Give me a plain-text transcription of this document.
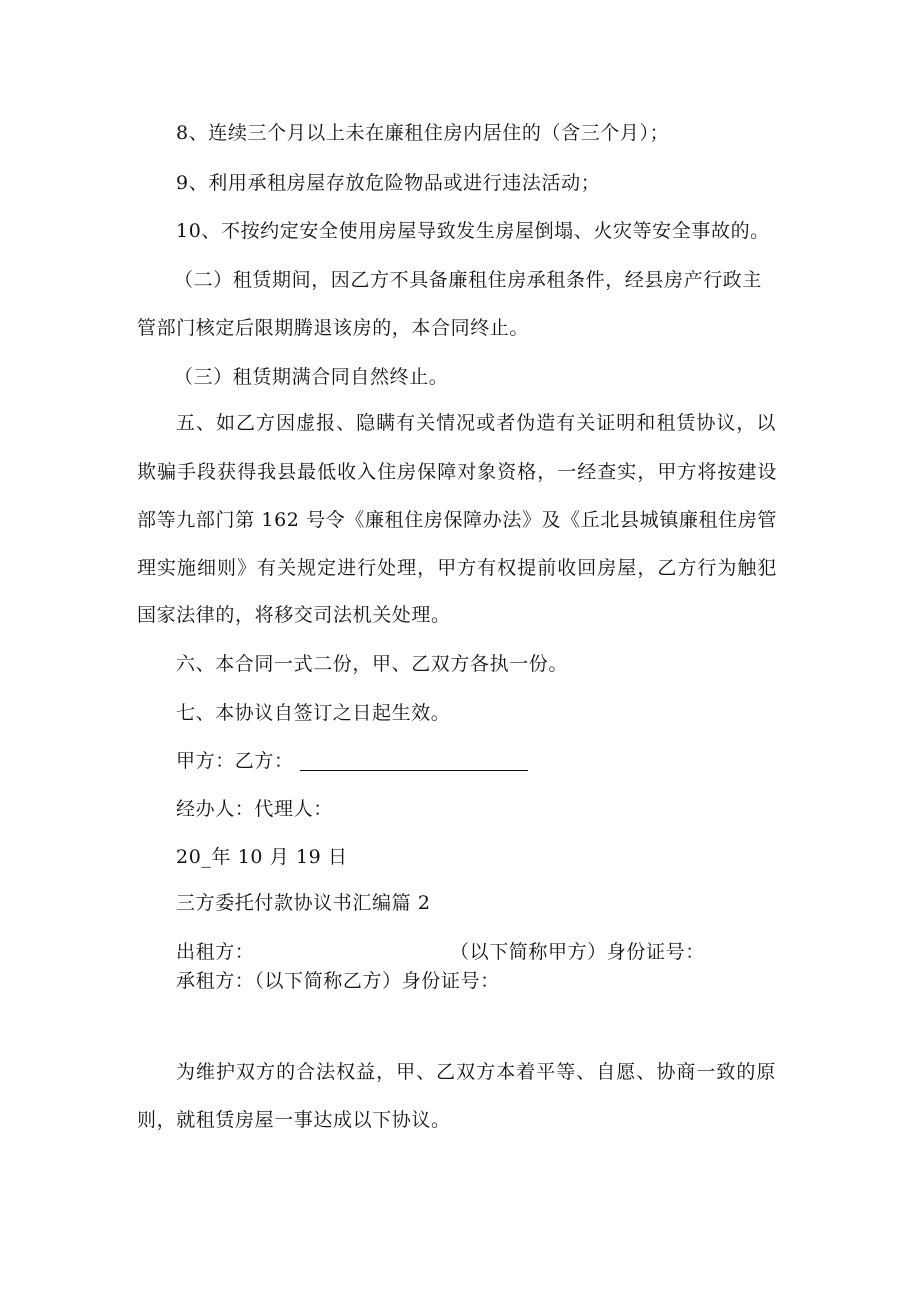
8、连续三个月以上未在廉租住房内居住的（含三个月）；
9、利用承租房屋存放危险物品或进行违法活动；
10、不按约定安全使用房屋导致发生房屋倒塌、火灾等安全事故的。
（二）租赁期间，因乙方不具备廉租住房承租条件，经县房产行政主
管部门核定后限期腾退该房的，本合同终止。
（三）租赁期满合同自然终止。
五、如乙方因虚报、隐瞒有关情况或者伪造有关证明和租赁协议，以
欺骗手段获得我县最低收入住房保障对象资格，一经查实，甲方将按建设
部等九部门第 162 号令《廉租住房保障办法》及《丘北县城镇廉租住房管
理实施细则》有关规定进行处理，甲方有权提前收回房屋，乙方行为触犯
国家法律的，将移交司法机关处理。
六、本合同一式二份，甲、乙双方各执一份。
七、本协议自签订之日起生效。
甲方：乙方：
经办人：代理人：
20_年 10 月 19 日
三方委托付款协议书汇编篇 2
出租方：	（以下简称甲方）身份证号：
承租方：（以下简称乙方）身份证号：
为维护双方的合法权益，甲、乙双方本着平等、自愿、协商一致的原
则，就租赁房屋一事达成以下协议。
